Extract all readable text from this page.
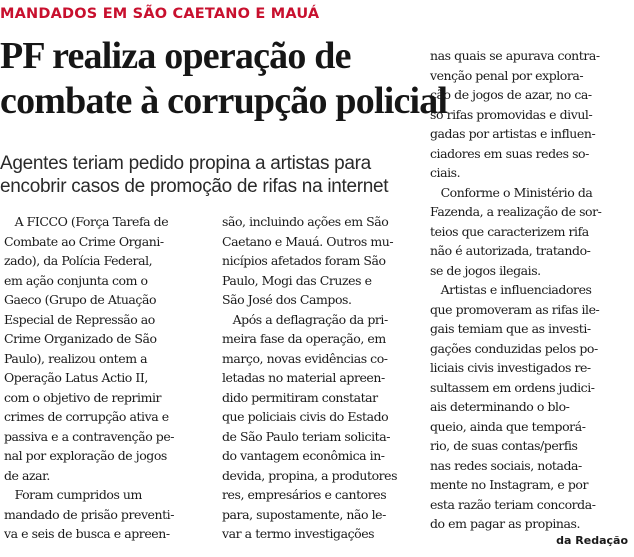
MANDADOS EM SÃO CAETANO E MAUÁ
PF realiza operação de
combate à corrupção policial
Agentes teriam pedido propina a artistas para
encobrir casos de promoção de rifas na internet
A FICCO (Força Tarefa de
Combate ao Crime Organi-
zado), da Polícia Federal,
em ação conjunta com o
Gaeco (Grupo de Atuação
Especial de Repressão ao
Crime Organizado de São
Paulo), realizou ontem a
Operação Latus Actio II,
com o objetivo de reprimir
crimes de corrupção ativa e
passiva e a contravenção pe-
nal por exploração de jogos
de azar.
Foram cumpridos um
mandado de prisão preventi-
va e seis de busca e apreen-
são, incluindo ações em São
Caetano e Mauá. Outros mu-
nicípios afetados foram São
Paulo, Mogi das Cruzes e
São José dos Campos.
Após a deflagração da pri-
meira fase da operação, em
março, novas evidências co-
letadas no material apreen-
dido permitiram constatar
que policiais civis do Estado
de São Paulo teriam solicita-
do vantagem econômica in-
devida, propina, a produtores
res, empresários e cantores
para, supostamente, não le-
var a termo investigações
nas quais se apurava contra-
venção penal por explora-
ção de jogos de azar, no ca-
so rifas promovidas e divul-
gadas por artistas e influen-
ciadores em suas redes so-
ciais.
Conforme o Ministério da
Fazenda, a realização de sor-
teios que caracterizem rifa
não é autorizada, tratando-
se de jogos ilegais.
Artistas e influenciadores
que promoveram as rifas ile-
gais temiam que as investi-
gações conduzidas pelos po-
liciais civis investigados re-
sultassem em ordens judici-
ais determinando o blo-
queio, ainda que temporá-
rio, de suas contas/perfis
nas redes sociais, notada-
mente no Instagram, e por
esta razão teriam concorda-
do em pagar as propinas.
da Redação
